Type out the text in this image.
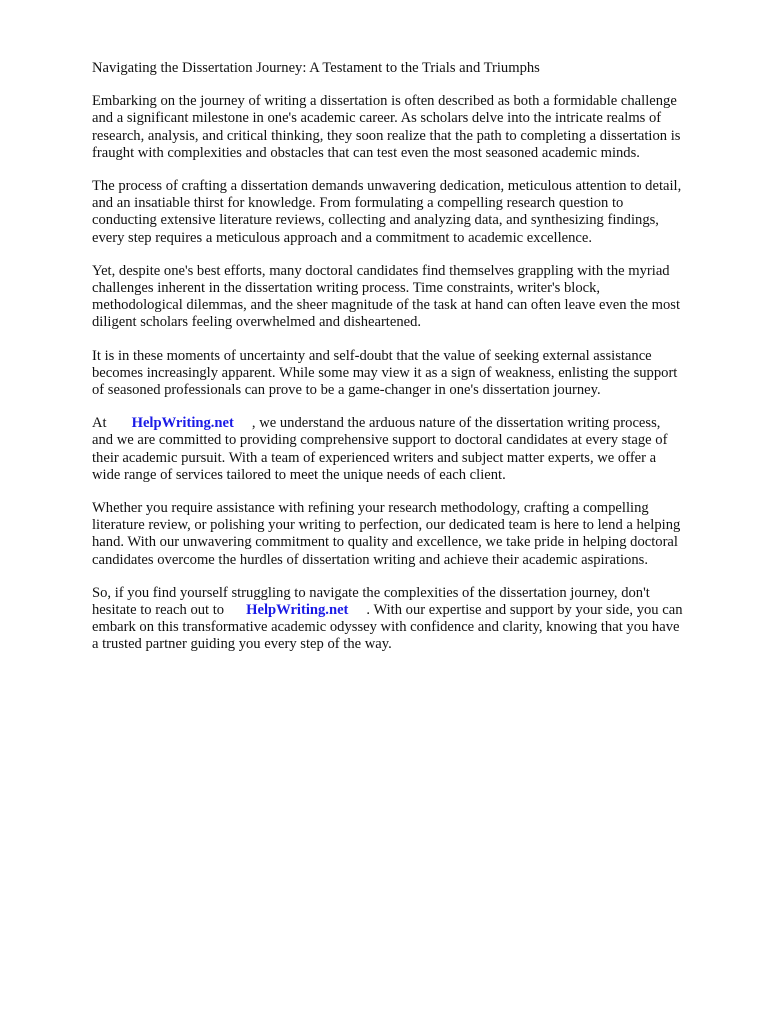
Navigating the Dissertation Journey: A Testament to the Trials and Triumphs
Embarking on the journey of writing a dissertation is often described as both a formidable challenge
and a significant milestone in one's academic career. As scholars delve into the intricate realms of
research, analysis, and critical thinking, they soon realize that the path to completing a dissertation is
fraught with complexities and obstacles that can test even the most seasoned academic minds.
The process of crafting a dissertation demands unwavering dedication, meticulous attention to detail,
and an insatiable thirst for knowledge. From formulating a compelling research question to
conducting extensive literature reviews, collecting and analyzing data, and synthesizing findings,
every step requires a meticulous approach and a commitment to academic excellence.
Yet, despite one's best efforts, many doctoral candidates find themselves grappling with the myriad
challenges inherent in the dissertation writing process. Time constraints, writer's block,
methodological dilemmas, and the sheer magnitude of the task at hand can often leave even the most
diligent scholars feeling overwhelmed and disheartened.
It is in these moments of uncertainty and self-doubt that the value of seeking external assistance
becomes increasingly apparent. While some may view it as a sign of weakness, enlisting the support
of seasoned professionals can prove to be a game-changer in one's dissertation journey.
At HelpWriting.net , we understand the arduous nature of the dissertation writing process,
and we are committed to providing comprehensive support to doctoral candidates at every stage of
their academic pursuit. With a team of experienced writers and subject matter experts, we offer a
wide range of services tailored to meet the unique needs of each client.
Whether you require assistance with refining your research methodology, crafting a compelling
literature review, or polishing your writing to perfection, our dedicated team is here to lend a helping
hand. With our unwavering commitment to quality and excellence, we take pride in helping doctoral
candidates overcome the hurdles of dissertation writing and achieve their academic aspirations.
So, if you find yourself struggling to navigate the complexities of the dissertation journey, don't
hesitate to reach out to HelpWriting.net . With our expertise and support by your side, you can
embark on this transformative academic odyssey with confidence and clarity, knowing that you have
a trusted partner guiding you every step of the way.
